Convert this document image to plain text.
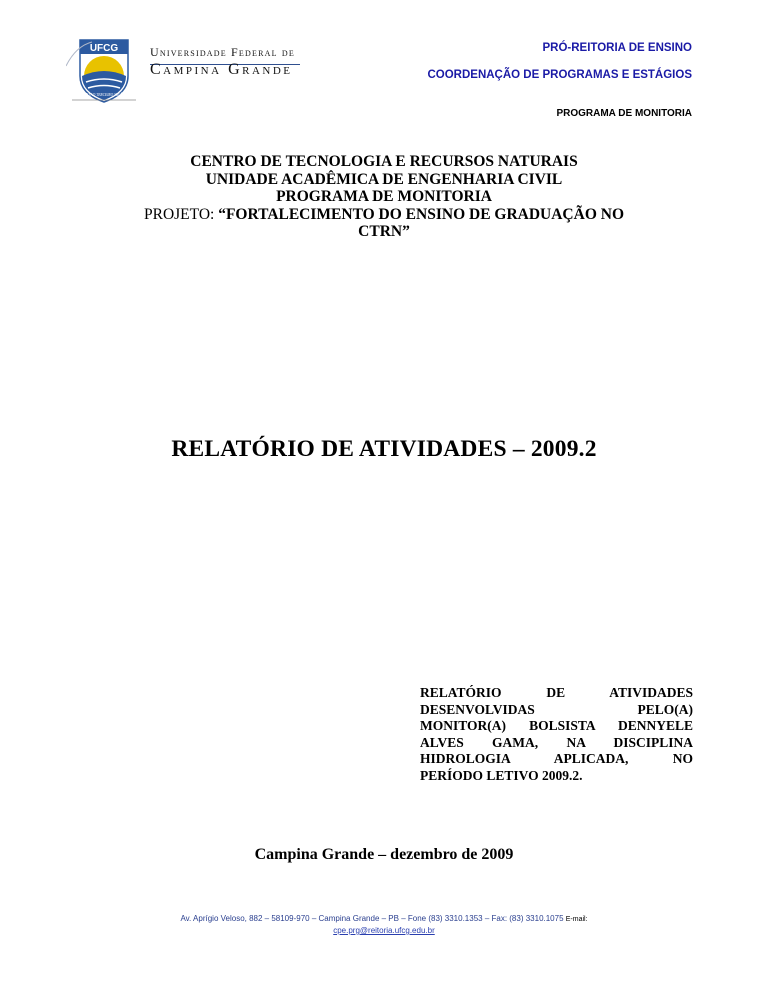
UFCG
RUMO AO TERCEIRO MILÊNIO
Universidade Federal de
Campina Grande
PRÓ-REITORIA DE ENSINO
COORDENAÇÃO DE PROGRAMAS E ESTÁGIOS
PROGRAMA DE MONITORIA
CENTRO DE TECNOLOGIA E RECURSOS NATURAIS
UNIDADE ACADÊMICA DE ENGENHARIA CIVIL
PROGRAMA DE MONITORIA
PROJETO: “FORTALECIMENTO DO ENSINO DE GRADUAÇÃO NO
CTRN”
RELATÓRIO DE ATIVIDADES – 2009.2
RELATÓRIO DE ATIVIDADES
DESENVOLVIDAS PELO(A)
MONITOR(A) BOLSISTA DENNYELE
ALVES GAMA, NA DISCIPLINA
HIDROLOGIA APLICADA, NO
PERÍODO LETIVO 2009.2.
Campina Grande – dezembro de 2009
Av. Aprígio Veloso, 882 – 58109-970 – Campina Grande – PB – Fone (83) 3310.1353 – Fax: (83) 3310.1075 E-mail:
cpe.prg@reitoria.ufcg.edu.br
